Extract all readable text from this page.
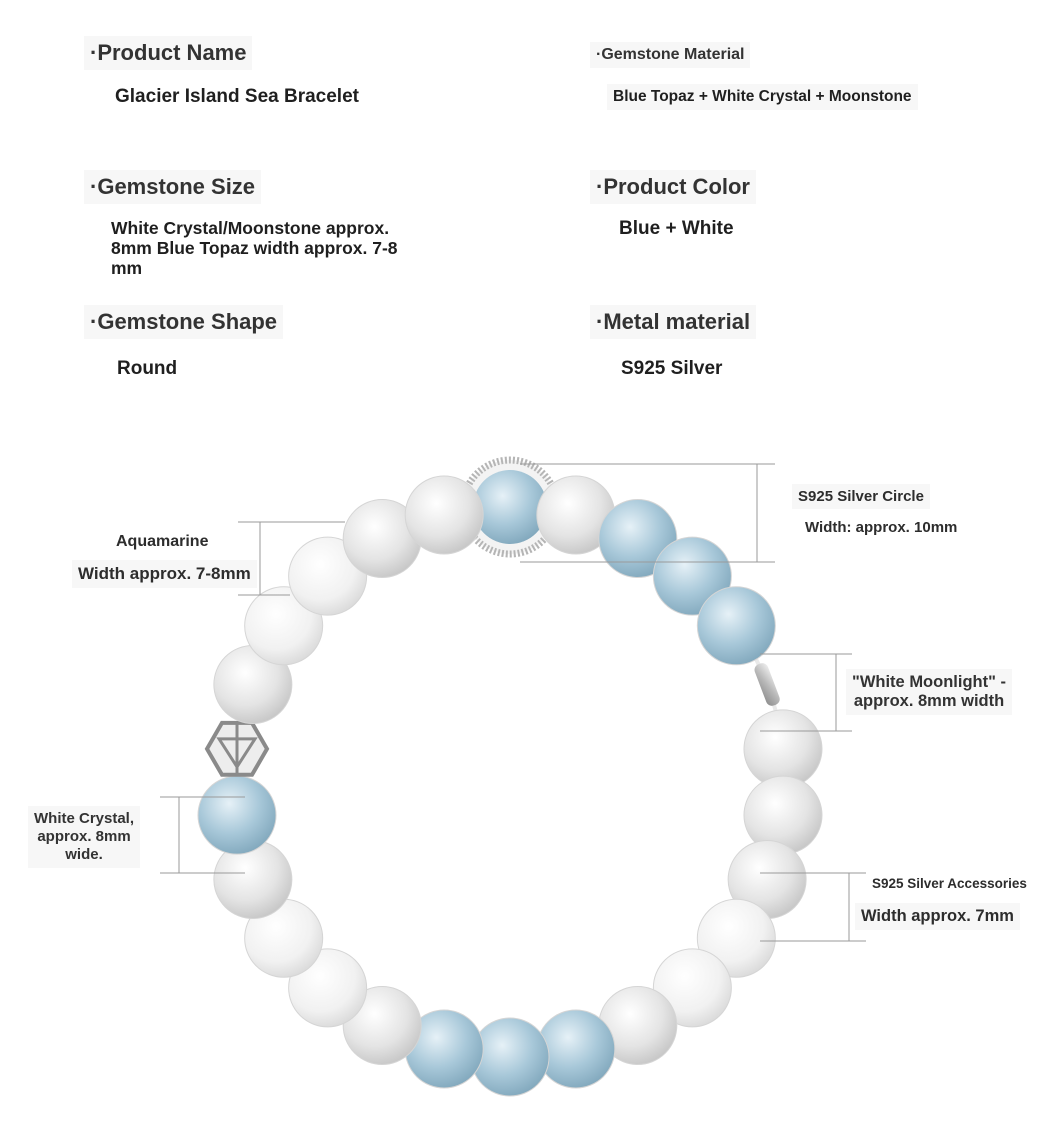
·Product Name
Glacier Island Sea Bracelet
·Gemstone Material
Blue Topaz + White Crystal + Moonstone
·Gemstone Size
White Crystal/Moonstone approx. 8mm Blue Topaz width approx. 7-8 mm
·Product Color
Blue + White
·Gemstone Shape
Round
·Metal material
S925 Silver
S925 Silver Circle
Width: approx. 10mm
Aquamarine
Width approx. 7-8mm
"White Moonlight" -
approx. 8mm width
White Crystal,
approx. 8mm
wide.
S925 Silver Accessories
Width approx. 7mm
